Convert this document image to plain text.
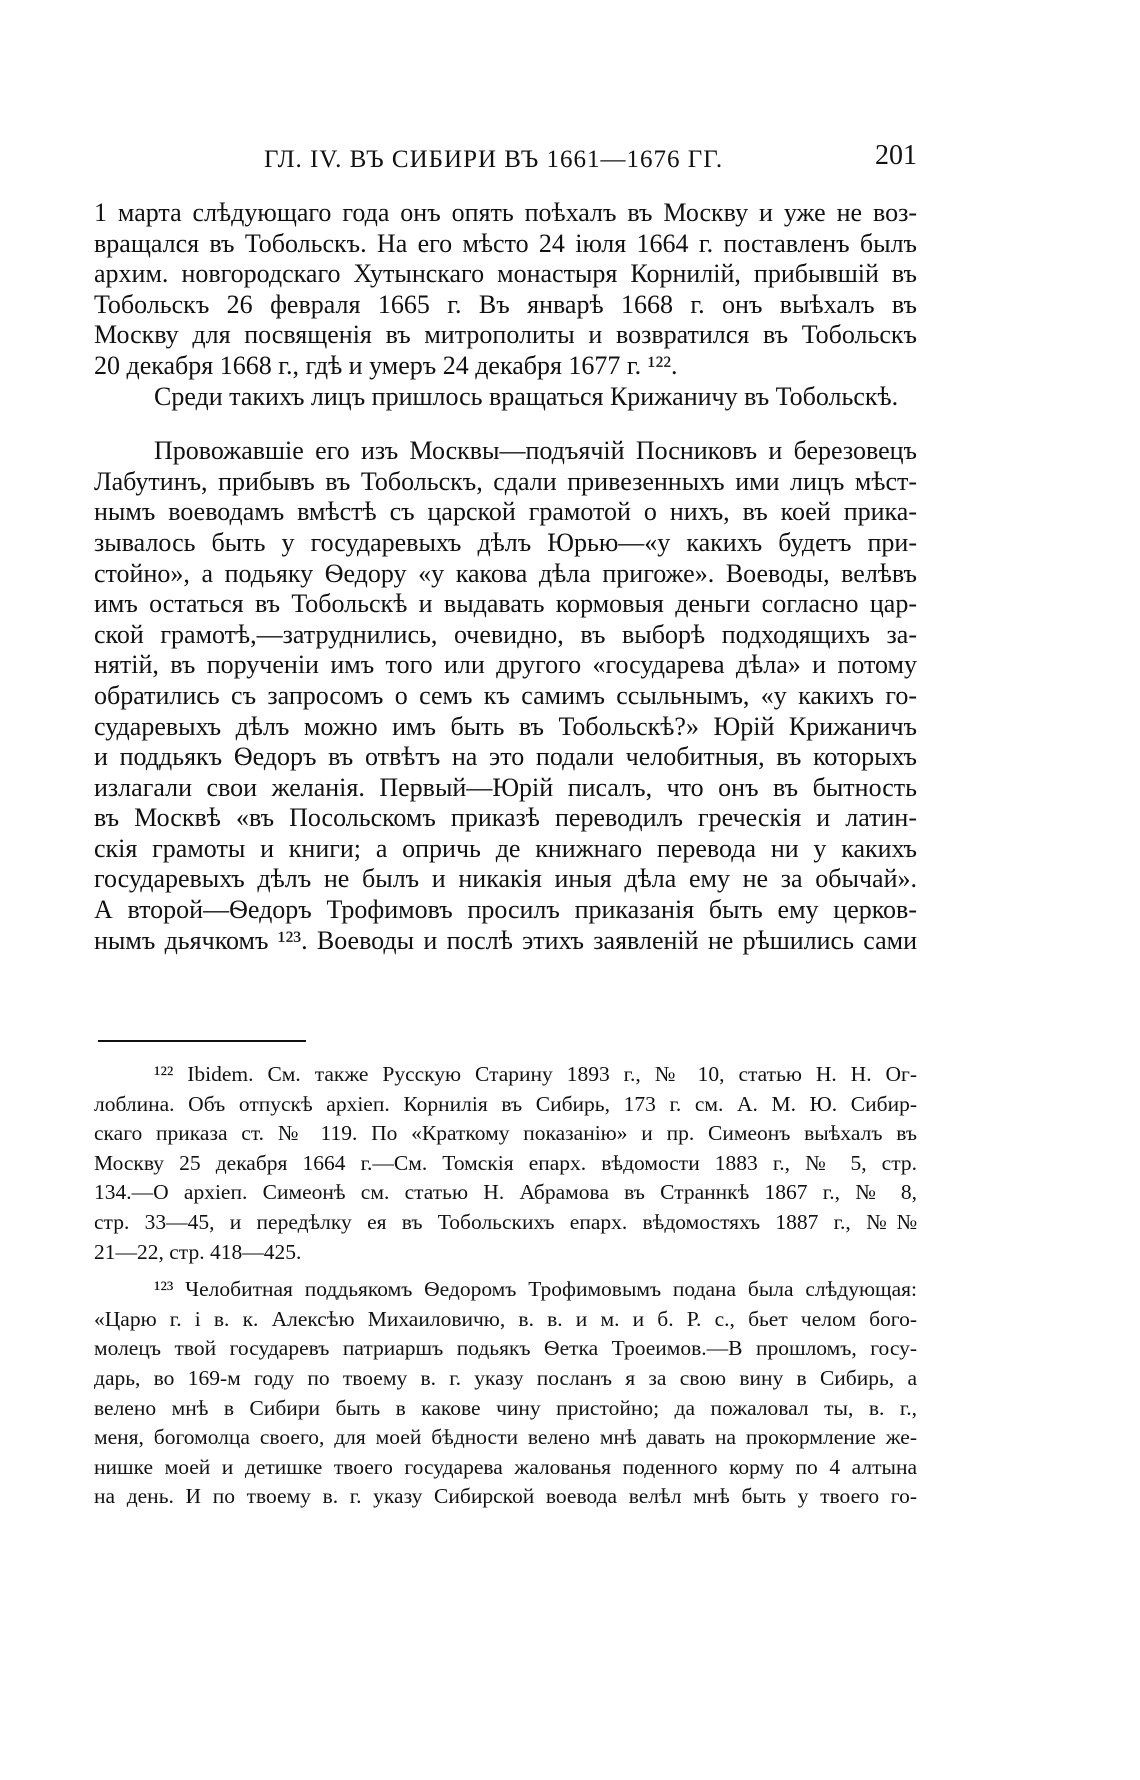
ГЛ. IV. ВЪ СИБИРИ ВЪ 1661—1676 ГГ.	201
1 марта слѣдующаго года онъ опять поѣхалъ въ Москву и уже не воз-
вращался въ Тобольскъ. На его мѣсто 24 іюля 1664 г. поставленъ былъ
архим. новгородскаго Хутынскаго монастыря Корнилій, прибывшій въ
Тобольскъ 26 февраля 1665 г. Въ январѣ 1668 г. онъ выѣхалъ въ
Москву для посвященія въ митрополиты и возвратился въ Тобольскъ
20 декабря 1668 г., гдѣ и умеръ 24 декабря 1677 г. ¹²².
Среди такихъ лицъ пришлось вращаться Крижаничу въ Тобольскѣ.
Провожавшіе его изъ Москвы—подъячій Посниковъ и березовецъ
Лабутинъ, прибывъ въ Тобольскъ, сдали привезенныхъ ими лицъ мѣст-
нымъ воеводамъ вмѣстѣ съ царской грамотой о нихъ, въ коей прика-
зывалось быть у государевыхъ дѣлъ Юрью—«у какихъ будетъ при-
стойно», а подьяку Ѳедору «у какова дѣла пригоже». Воеводы, велѣвъ
имъ остаться въ Тобольскѣ и выдавать кормовыя деньги согласно цар-
ской грамотѣ,—затруднились, очевидно, въ выборѣ подходящихъ за-
нятій, въ порученіи имъ того или другого «государева дѣла» и потому
обратились съ запросомъ о семъ къ самимъ ссыльнымъ, «у какихъ го-
сударевыхъ дѣлъ можно имъ быть въ Тобольскѣ?» Юрій Крижаничъ
и поддьякъ Ѳедоръ въ отвѣтъ на это подали челобитныя, въ которыхъ
излагали свои желанія. Первый—Юрій писалъ, что онъ въ бытность
въ Москвѣ «въ Посольскомъ приказѣ переводилъ греческія и латин-
скія грамоты и книги; а опричь де книжнаго перевода ни у какихъ
государевыхъ дѣлъ не былъ и никакія иныя дѣла ему не за обычай».
А второй—Ѳедоръ Трофимовъ просилъ приказанія быть ему церков-
нымъ дьячкомъ ¹²³. Воеводы и послѣ этихъ заявленій не рѣшились сами
¹²² Ibidem. См. также Русскую Старину 1893 г., № 10, статью Н. Н. Ог-
лоблина. Объ отпускѣ архіеп. Корнилія въ Сибирь, 173 г. см. А. М. Ю. Сибир-
скаго приказа ст. № 119. По «Краткому показанію» и пр. Симеонъ выѣхалъ въ
Москву 25 декабря 1664 г.—См. Томскія епарх. вѣдомости 1883 г., № 5, стр.
134.—О архіеп. Симеонѣ см. статью Н. Абрамова въ Страннкѣ 1867 г., № 8,
стр. 33—45, и передѣлку ея въ Тобольскихъ епарх. вѣдомостяхъ 1887 г., №№
21—22, стр. 418—425.
¹²³ Челобитная поддьякомъ Ѳедоромъ Трофимовымъ подана была слѣдующая:
«Царю г. і в. к. Алексѣю Михаиловичю, в. в. и м. и б. Р. с., бьет челом бого-
молецъ твой государевъ патриаршъ подьякъ Ѳетка Троеимов.—В прошломъ, госу-
дарь, во 169-м году по твоему в. г. указу посланъ я за свою вину в Сибирь, а
велено мнѣ в Сибири быть в какове чину пристойно; да пожаловал ты, в. г.,
меня, богомолца своего, для моей бѣдности велено мнѣ давать на прокормление же-
нишке моей и детишке твоего государева жалованья поденного корму по 4 алтына
на день. И по твоему в. г. указу Сибирской воевода велѣл мнѣ быть у твоего го-
